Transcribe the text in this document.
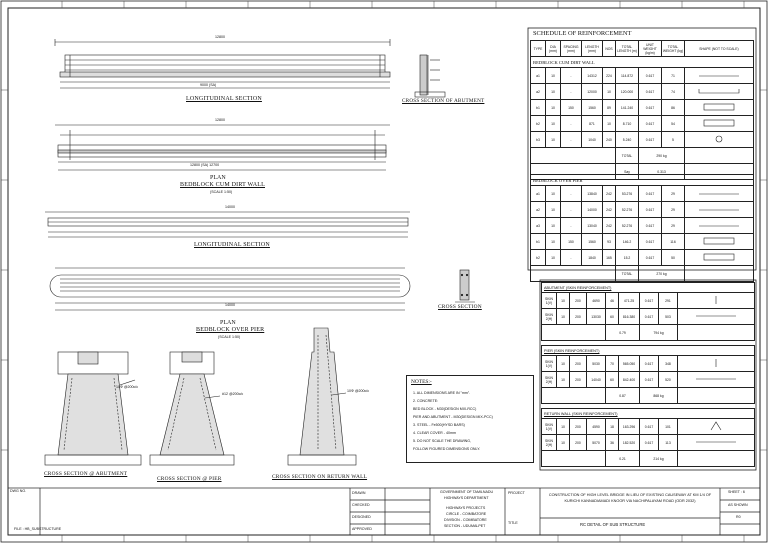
LONGITUDINAL SECTION	CROSS SECTION OF ABUTMENT
PLAN
BEDBLOCK CUM DIRT WALL
(SCALE 1:50)
LONGITUDINAL SECTION
PLAN
BEDBLOCK OVER PIER
(SCALE 1:50)
CROSS SECTION
CROSS SECTION @ ABUTMENT
CROSS SECTION @ PIER	CROSS SECTION ON RETURN WALL
12800
9000 (SA)
12800
12800 (SA) 12700
14000
14000
10Φ @200c/c
#12 @200c/c
10Φ @200c/c
NOTES:-
1. ALL DIMENSIONS ARE IN "mm".
2. CONCRETE:
BED BLOCK - M30(DESIGN MIX-RCC)
PIER AND ABUTMENT - M30(DESIGN MIX-PCC)
3. STEEL - Fe500(HYSD BARS)
4. CLEAR COVER - 40mm
5. DO NOT SCALE THE DRAWING,
FOLLOW FIGURED DIMENSIONS ONLY.
SCHEDULE OF REINFORCEMENT
TYPE	DIA (mm)	SPACING (mm)	LENGTH (mm)	NOS	TOTAL LENGTH (m)	UNIT WEIGHT (kg/m)	TOTAL WEIGHT (kg)	SHAPE (NOT TO SCALE)
BEDBLOCK CUM DIRT WALL								
a1	10	-	14312	224	114.872	0.617	71	
a2	10	-	12000	10	120.000	0.617	74	
b1	10	150	1560	89	141.240	0.617	86	
b2	10	-	871	10	8.710	0.617	54	
b3	10	-	1040	240	5.240	0.617	5	
					TOTAL	290 kg		
					Say	0.313		
BEDBLOCK OVER PIER								
a1	10	-	13840	242	53.276	0.617	29	
a2	10	-	14000	242	52.276	0.617	29	
a3	10	-	13040	242	52.276	0.617	29	
b1	10	150	1560	93	146.2	0.617	116	
b2	10	-	1840	165	15.2	0.617	50	
					TOTAL	270 kg		
ABUTMENT (SKIN REINFORCEMENT)								
SKIN 1(V)	10	200	4690	46	471.25	0.617	291	
SKIN 2(H)	10	200	13030	60	816.380	0.617	503	
				0.79		794 kg		
PIER (SKIN REINFORCEMENT)								
SKIN 1(V)	10	200	5030	70	565.050	0.617	348	
SKIN 2(H)	10	200	14040	60	842.400	0.617	520	
				0.87		868 kg		
RETURN WALL (SKIN REINFORCEMENT)								
SKIN 1(V)	10	200	4590	18	163.296	0.617	101	
SKIN 2(H)	10	200	5070	36	182.520	0.617	113	
				0.21		214 kg		
DWG NO.
FILE : HB_SUBSTRUCTURE
DRAWN
CHECKED
DESIGNED
APPROVED
GOVERNMENT OF TAMILNADU
HIGHWAYS DEPARTMENT
HIGHWAYS PROJECTS
CIRCLE - COIMBATORE
DIVISION - COIMBATORE
SECTION - UDUMALPET
PROJECT	CONSTRUCTION OF HIGH LEVEL BRIDGE IN LIEU OF EXISTING CAUSEWAY AT KM 1/4 OF KURICHI KANNADIAMADI KNOOR VIA NACHIPALAYAM ROAD (ODR 2032)
TITLE	RC DETAIL OF SUB STRUCTURE
SHEET : 6
AS SHOWN
R0
